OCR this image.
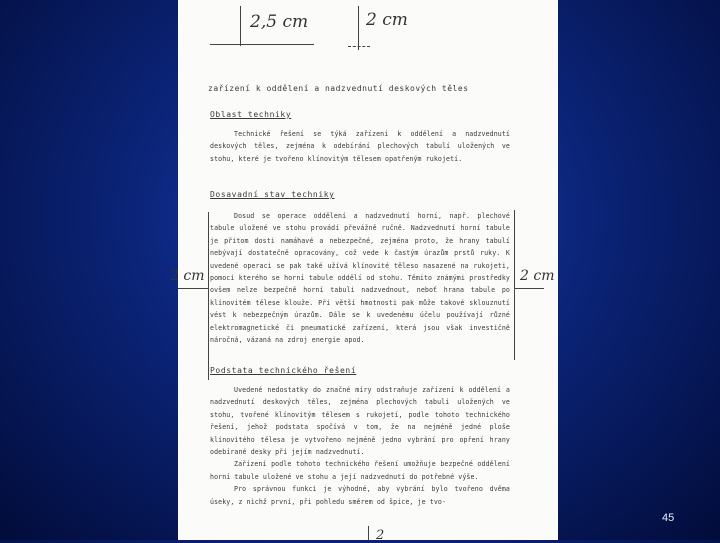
2,5 cm	2 cm
zařízení k oddělení a nadzvednutí deskových těles
Oblast techniky

Technické řešení se týká zařízení k oddělení a nadzvednutí deskových těles, zejména k odebírání plechových tabulí uložených ve stohu, které je tvořeno klínovitým tělesem opatřeným rukojetí.

Dosavadní stav techniky

Dosud se operace oddělení a nadzvednutí horní, např. plechové tabule uložené ve stohu provádí převážně ručně. Nadzvednutí horní tabule je přitom dosti namáhavé a nebezpečné, zejména proto, že hrany tabulí nebývají dostatečně opracovány, což vede k častým úrazům prstů ruky. K uvedené operaci se pak také užívá klínovité těleso nasazené na rukojeti, pomocí kterého se horní tabule oddělí od stohu. Těmito známými prostředky ovšem nelze bezpečně horní tabuli nadzvednout, neboť hrana tabule po klínovitém tělese klouže. Při větší hmotnosti pak může takové sklouznutí vést k nebezpečným úrazům. Dále se k uvedenému účelu používají různé elektromagnetické či pneumatické zařízení, která jsou však investičně náročná, vázaná na zdroj energie apod.

2 cm	2 cm
Podstata technického řešení

Uvedené nedostatky do značné míry odstraňuje zařízení k oddělení a nadzvednutí deskových těles, zejména plechových tabulí uložených ve stohu, tvořené klínovitým tělesem s rukojetí, podle tohoto technického řešení, jehož podstata spočívá v tom, že na nejméně jedné ploše klínovitého tělesa je vytvořeno nejméně jedno vybrání pro opření hrany odebírané desky při jejím nadzvednutí.

Zařízení podle tohoto technického řešení umožňuje bezpečné oddělení horní tabule uložené ve stohu a její nadzvednutí do potřebné výše.

Pro správnou funkci je výhodné, aby vybrání bylo tvořeno dvěma úseky, z nichž první, při pohledu směrem od špice, je tvo-

2
45
